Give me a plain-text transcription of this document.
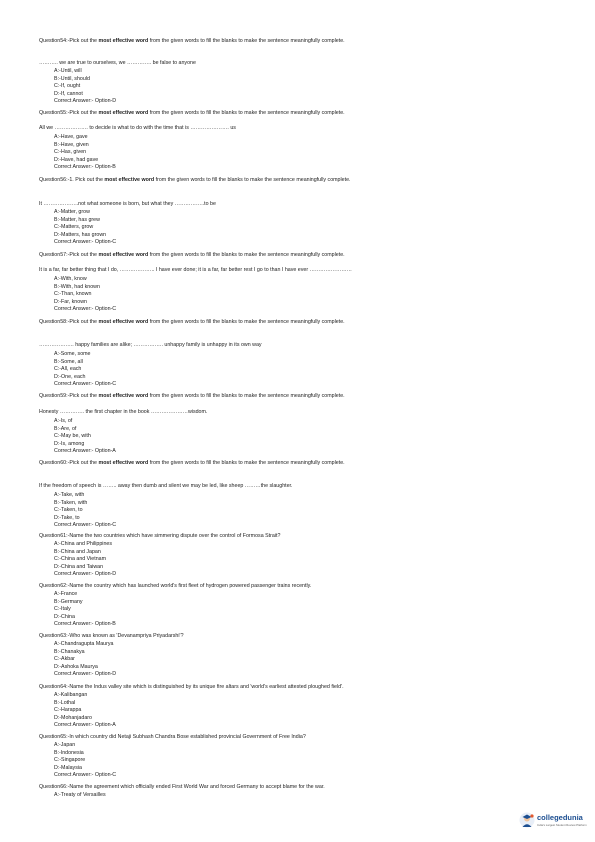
Question54:-Pick out the most effective word from the given words to fill the blanks to make the sentence meaningfully complete.
……….. we are true to ourselves, we ………….. be false to anyone
A:-Until, will
B:-Until, should
C:-If, ought
D:-If, cannot
Correct Answer:- Option-D
Question55:-Pick out the most effective word from the given words to fill the blanks to make the sentence meaningfully complete.
All we ………………. to decide is what to do with the time that is …………………. us
A:-Have, gave
B:-Have, given
C:-Has, given
D:-Have, had gave
Correct Answer:- Option-B
Question56:-1. Pick out the most effective word from the given words to fill the blanks to make the sentence meaningfully complete.
It ………………..not what someone is born, but what they ……………..to be
A:-Matter, grow
B:-Matter, has grew
C:-Matters, grow
D:-Matters, has grown
Correct Answer:- Option-C
Question57:-Pick out the most effective word from the given words to fill the blanks to make the sentence meaningfully complete.
It is a far, far better thing that I do, ……………….. I have ever done; it is a far, far better rest I go to than I have ever ……………………
A:-With, know
B:-With, had known
C:-Than, known
D:-Far, known
Correct Answer:- Option-C
Question58:-Pick out the most effective word from the given words to fill the blanks to make the sentence meaningfully complete.
……………….. happy families are alike; …………….. unhappy family is unhappy in its own way
A:-Some, some
B:-Some, all
C:-All, each
D:-One, each
Correct Answer:- Option-C
Question59:-Pick out the most effective word from the given words to fill the blanks to make the sentence meaningfully complete.
Honesty ………….. the first chapter in the book …………………wisdom.
A:-Is, of
B:-Are, of
C:-May be, with
D:-Is, among
Correct Answer:- Option-A
Question60:-Pick out the most effective word from the given words to fill the blanks to make the sentence meaningfully complete.
If the freedom of speech is …….. away then dumb and silent we may be led, like sheep ………the slaughter.
A:-Take, with
B:-Taken, with
C:-Taken, to
D:-Take, to
Correct Answer:- Option-C
Question61:-Name the two countries which have simmering dispute over the control of Formosa Strait?
A:-China and Philippines
B:-China and Japan
C:-China and Vietnam
D:-China and Taiwan
Correct Answer:- Option-D
Question62:-Name the country which has launched world's first fleet of hydrogen powered passenger trains recently.
A:-France
B:-Germany
C:-Italy
D:-China
Correct Answer:- Option-B
Question63:-Who was known as 'Devanampriya Priyadarshi'?
A:-Chandragupta Maurya
B:-Chanakya
C:-Akbar
D:-Ashoka Maurya
Correct Answer:- Option-D
Question64:-Name the Indus valley site which is distinguished by its unique fire altars and 'world's earliest attested ploughed field'.
A:-Kalibangan
B:-Lothal
C:-Harappa
D:-Mohanjadaro
Correct Answer:- Option-A
Question65:-In which country did Netaji Subhash Chandra Bose established provincial Government of Free India?
A:-Japan
B:-Indonesia
C:-Singapore
D:-Malaysia
Correct Answer:- Option-C
Question66:-Name the agreement which officially ended First World War and forced Germany to accept blame for the war.
A:-Treaty of Versailles
collegedunia
India's Largest Student Review Platform
